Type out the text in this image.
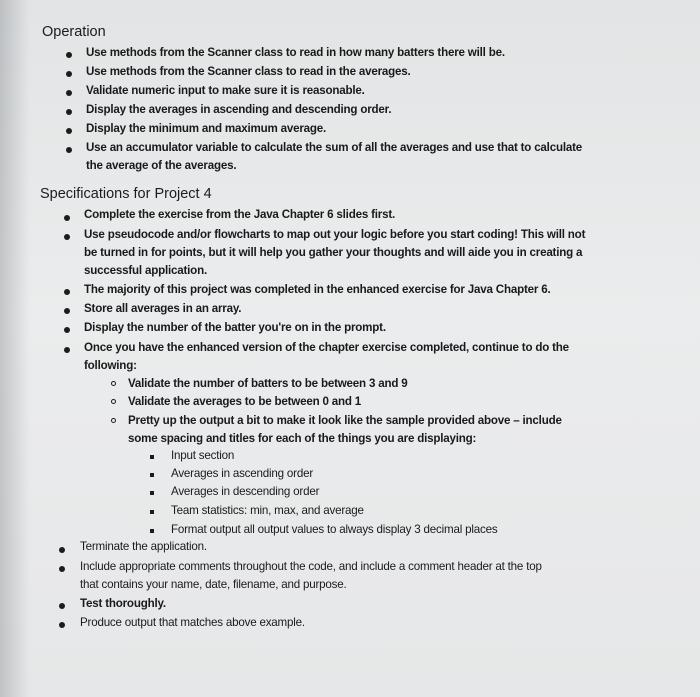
Operation
Use methods from the Scanner class to read in how many batters there will be.
Use methods from the Scanner class to read in the averages.
Validate numeric input to make sure it is reasonable.
Display the averages in ascending and descending order.
Display the minimum and maximum average.
Use an accumulator variable to calculate the sum of all the averages and use that to calculate
the average of the averages.
Specifications for Project 4
Complete the exercise from the Java Chapter 6 slides first.
Use pseudocode and/or flowcharts to map out your logic before you start coding! This will not
be turned in for points, but it will help you gather your thoughts and will aide you in creating a
successful application.
The majority of this project was completed in the enhanced exercise for Java Chapter 6.
Store all averages in an array.
Display the number of the batter you're on in the prompt.
Once you have the enhanced version of the chapter exercise completed, continue to do the
following:
Validate the number of batters to be between 3 and 9
Validate the averages to be between 0 and 1
Pretty up the output a bit to make it look like the sample provided above – include
some spacing and titles for each of the things you are displaying:
Input section
Averages in ascending order
Averages in descending order
Team statistics: min, max, and average
Format output all output values to always display 3 decimal places
Terminate the application.
Include appropriate comments throughout the code, and include a comment header at the top
that contains your name, date, filename, and purpose.
Test thoroughly.
Produce output that matches above example.
